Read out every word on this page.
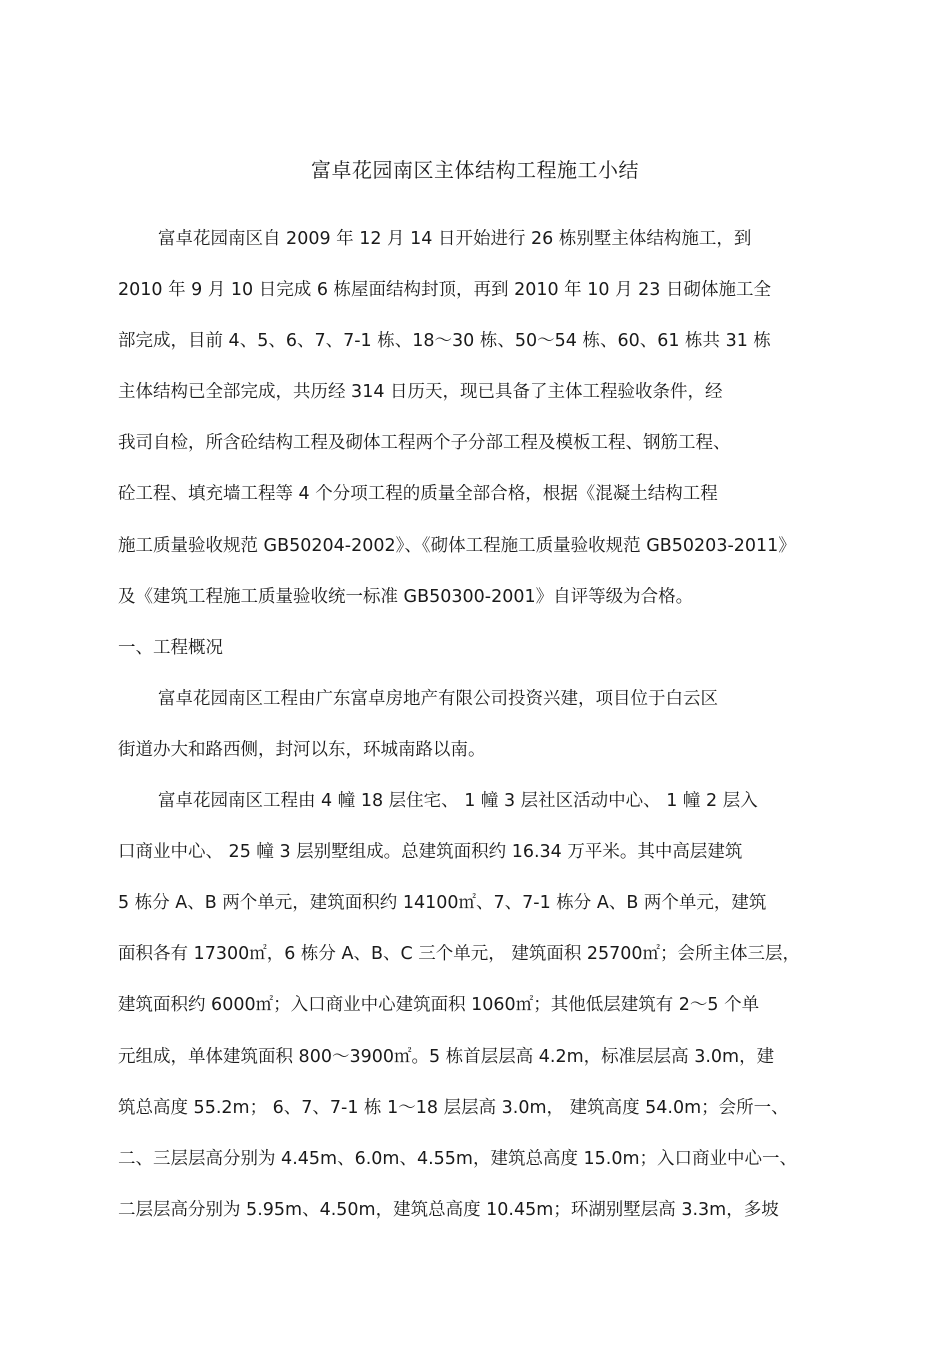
富卓花园南区主体结构工程施工小结
富卓花园南区自 2009 年 12 月 14 日开始进行 26 栋别墅主体结构施工，到
2010 年 9 月 10 日完成 6 栋屋面结构封顶，再到 2010 年 10 月 23 日砌体施工全
部完成，目前 4、5、6、7、7-1 栋、18～30 栋、50～54 栋、60、61 栋共 31 栋
主体结构已全部完成，共历经 314 日历天，现已具备了主体工程验收条件，经
我司自检，所含砼结构工程及砌体工程两个子分部工程及模板工程、钢筋工程、
砼工程、填充墙工程等 4 个分项工程的质量全部合格，根据《混凝土结构工程
施工质量验收规范 GB50204-2002》、《砌体工程施工质量验收规范 GB50203-2011》
及《建筑工程施工质量验收统一标准 GB50300-2001》自评等级为合格。
一、工程概况
富卓花园南区工程由广东富卓房地产有限公司投资兴建，项目位于白云区
街道办大和路西侧，封河以东，环城南路以南。
富卓花园南区工程由 4 幢 18 层住宅、 1 幢 3 层社区活动中心、 1 幢 2 层入
口商业中心、 25 幢 3 层别墅组成。总建筑面积约 16.34 万平米。其中高层建筑
5 栋分 A、B 两个单元，建筑面积约 14100㎡、7、7-1 栋分 A、B 两个单元，建筑
面积各有 17300㎡，6 栋分 A、B、C 三个单元， 建筑面积 25700㎡；会所主体三层，
建筑面积约 6000㎡；入口商业中心建筑面积 1060㎡；其他低层建筑有 2～5 个单
元组成，单体建筑面积 800～3900㎡。5 栋首层层高 4.2m，标准层层高 3.0m，建
筑总高度 55.2m； 6、7、7-1 栋 1～18 层层高 3.0m， 建筑高度 54.0m；会所一、
二、三层层高分别为 4.45m、6.0m、4.55m，建筑总高度 15.0m；入口商业中心一、
二层层高分别为 5.95m、4.50m，建筑总高度 10.45m；环湖别墅层高 3.3m，多坡
